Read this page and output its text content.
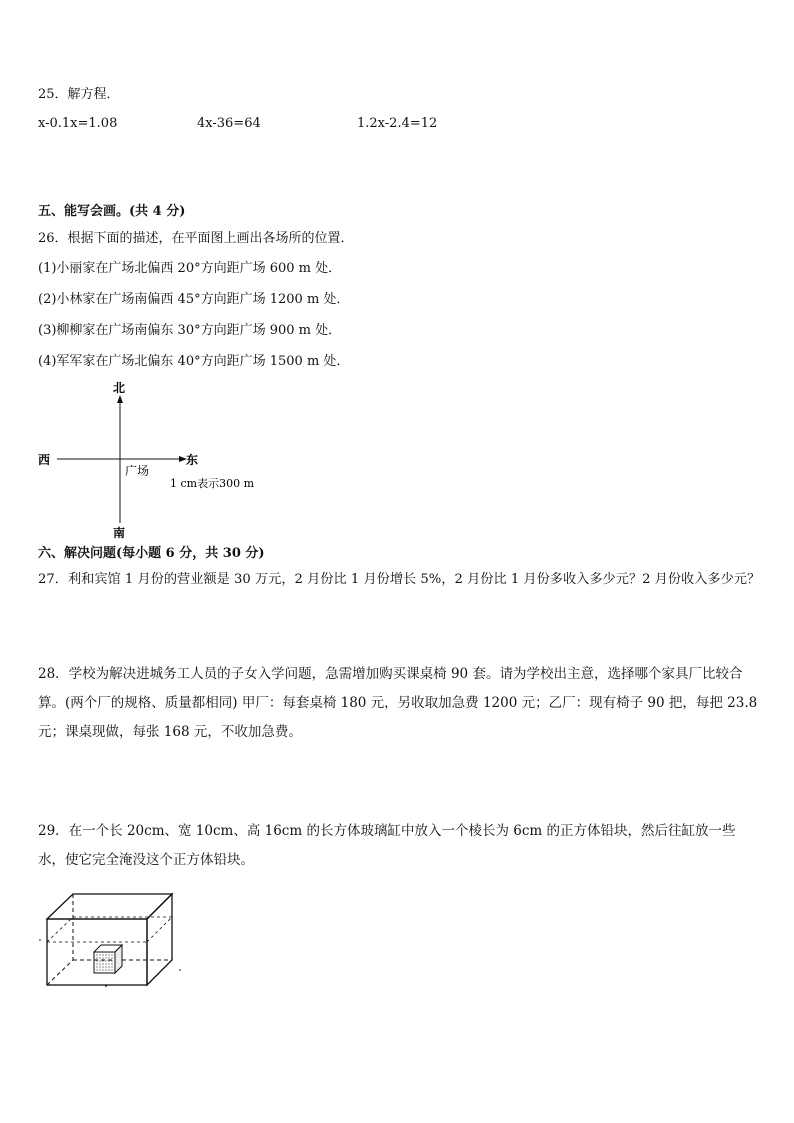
25．解方程．
x-0.1x=1.08	4x-36=64	1.2x-2.4=12
五、能写会画。(共 4 分)
26．根据下面的描述，在平面图上画出各场所的位置．
(1)小丽家在广场北偏西 20°方向距广场 600 m 处．
(2)小林家在广场南偏西 45°方向距广场 1200 m 处．
(3)柳柳家在广场南偏东 30°方向距广场 900 m 处．
(4)军军家在广场北偏东 40°方向距广场 1500 m 处．
北
南
西	东
广场
1 cm表示300 m
六、解决问题(每小题 6 分，共 30 分)
27．利和宾馆 1 月份的营业额是 30 万元，2 月份比 1 月份增长 5%，2 月份比 1 月份多收入多少元？2 月份收入多少元？
28．学校为解决进城务工人员的子女入学问题，急需增加购买课桌椅 90 套。请为学校出主意，选择哪个家具厂比较合算。(两个厂的规格、质量都相同) 甲厂：每套桌椅 180 元，另收取加急费 1200 元；乙厂：现有椅子 90 把，每把 23.8 元；课桌现做，每张 168 元，不收加急费。
29．在一个长 20cm、宽 10cm、高 16cm 的长方体玻璃缸中放入一个棱长为 6cm 的正方体铅块，然后往缸放一些水，使它完全淹没这个正方体铅块。
